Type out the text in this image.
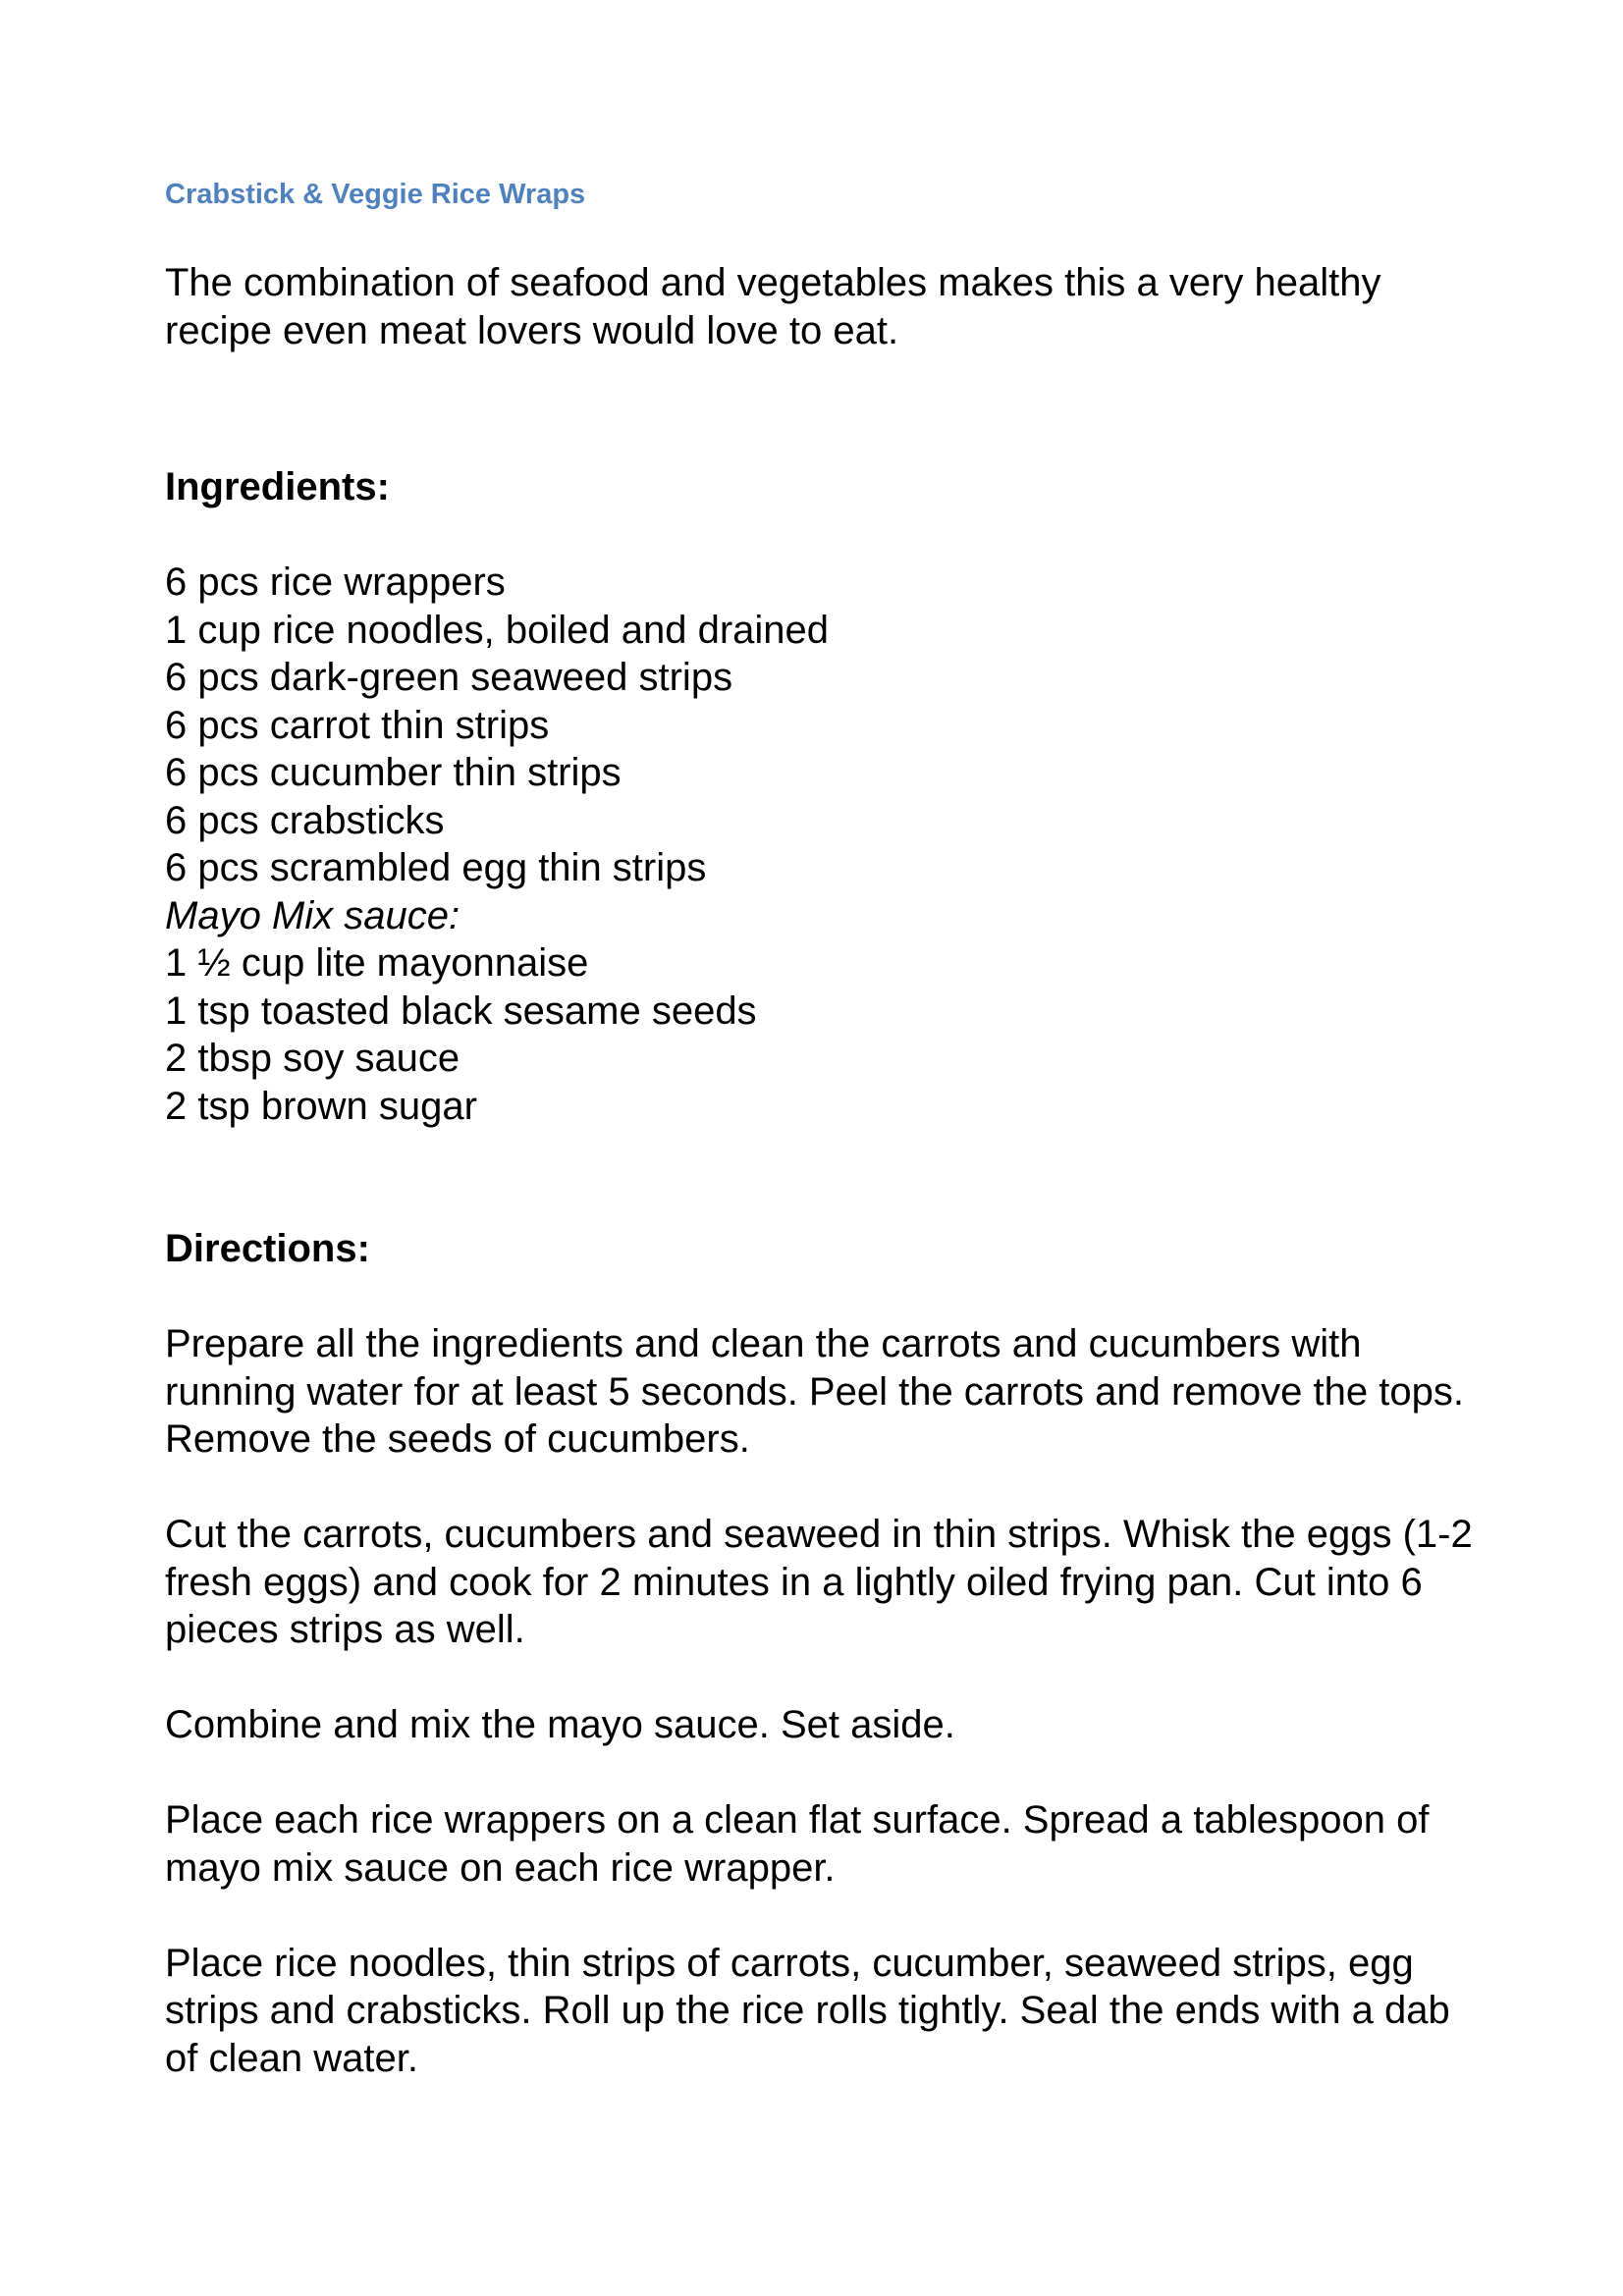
Crabstick & Veggie Rice Wraps

The combination of seafood and vegetables makes this a very healthy
recipe even meat lovers would love to eat.

Ingredients:
6 pcs rice wrappers
1 cup rice noodles, boiled and drained
6 pcs dark-green seaweed strips
6 pcs carrot thin strips
6 pcs cucumber thin strips
6 pcs crabsticks
6 pcs scrambled egg thin strips
Mayo Mix sauce:
1 ½ cup lite mayonnaise
1 tsp toasted black sesame seeds
2 tbsp soy sauce
2 tsp brown sugar
Directions:

Prepare all the ingredients and clean the carrots and cucumbers with running water for at least 5 seconds. Peel the carrots and remove the tops. Remove the seeds of cucumbers.

Cut the carrots, cucumbers and seaweed in thin strips. Whisk the eggs (1-2 fresh eggs) and cook for 2 minutes in a lightly oiled frying pan. Cut into 6 pieces strips as well.

Combine and mix the mayo sauce. Set aside.

Place each rice wrappers on a clean flat surface. Spread a tablespoon of mayo mix sauce on each rice wrapper.

Place rice noodles, thin strips of carrots, cucumber, seaweed strips, egg strips and crabsticks. Roll up the rice rolls tightly. Seal the ends with a dab of clean water.
